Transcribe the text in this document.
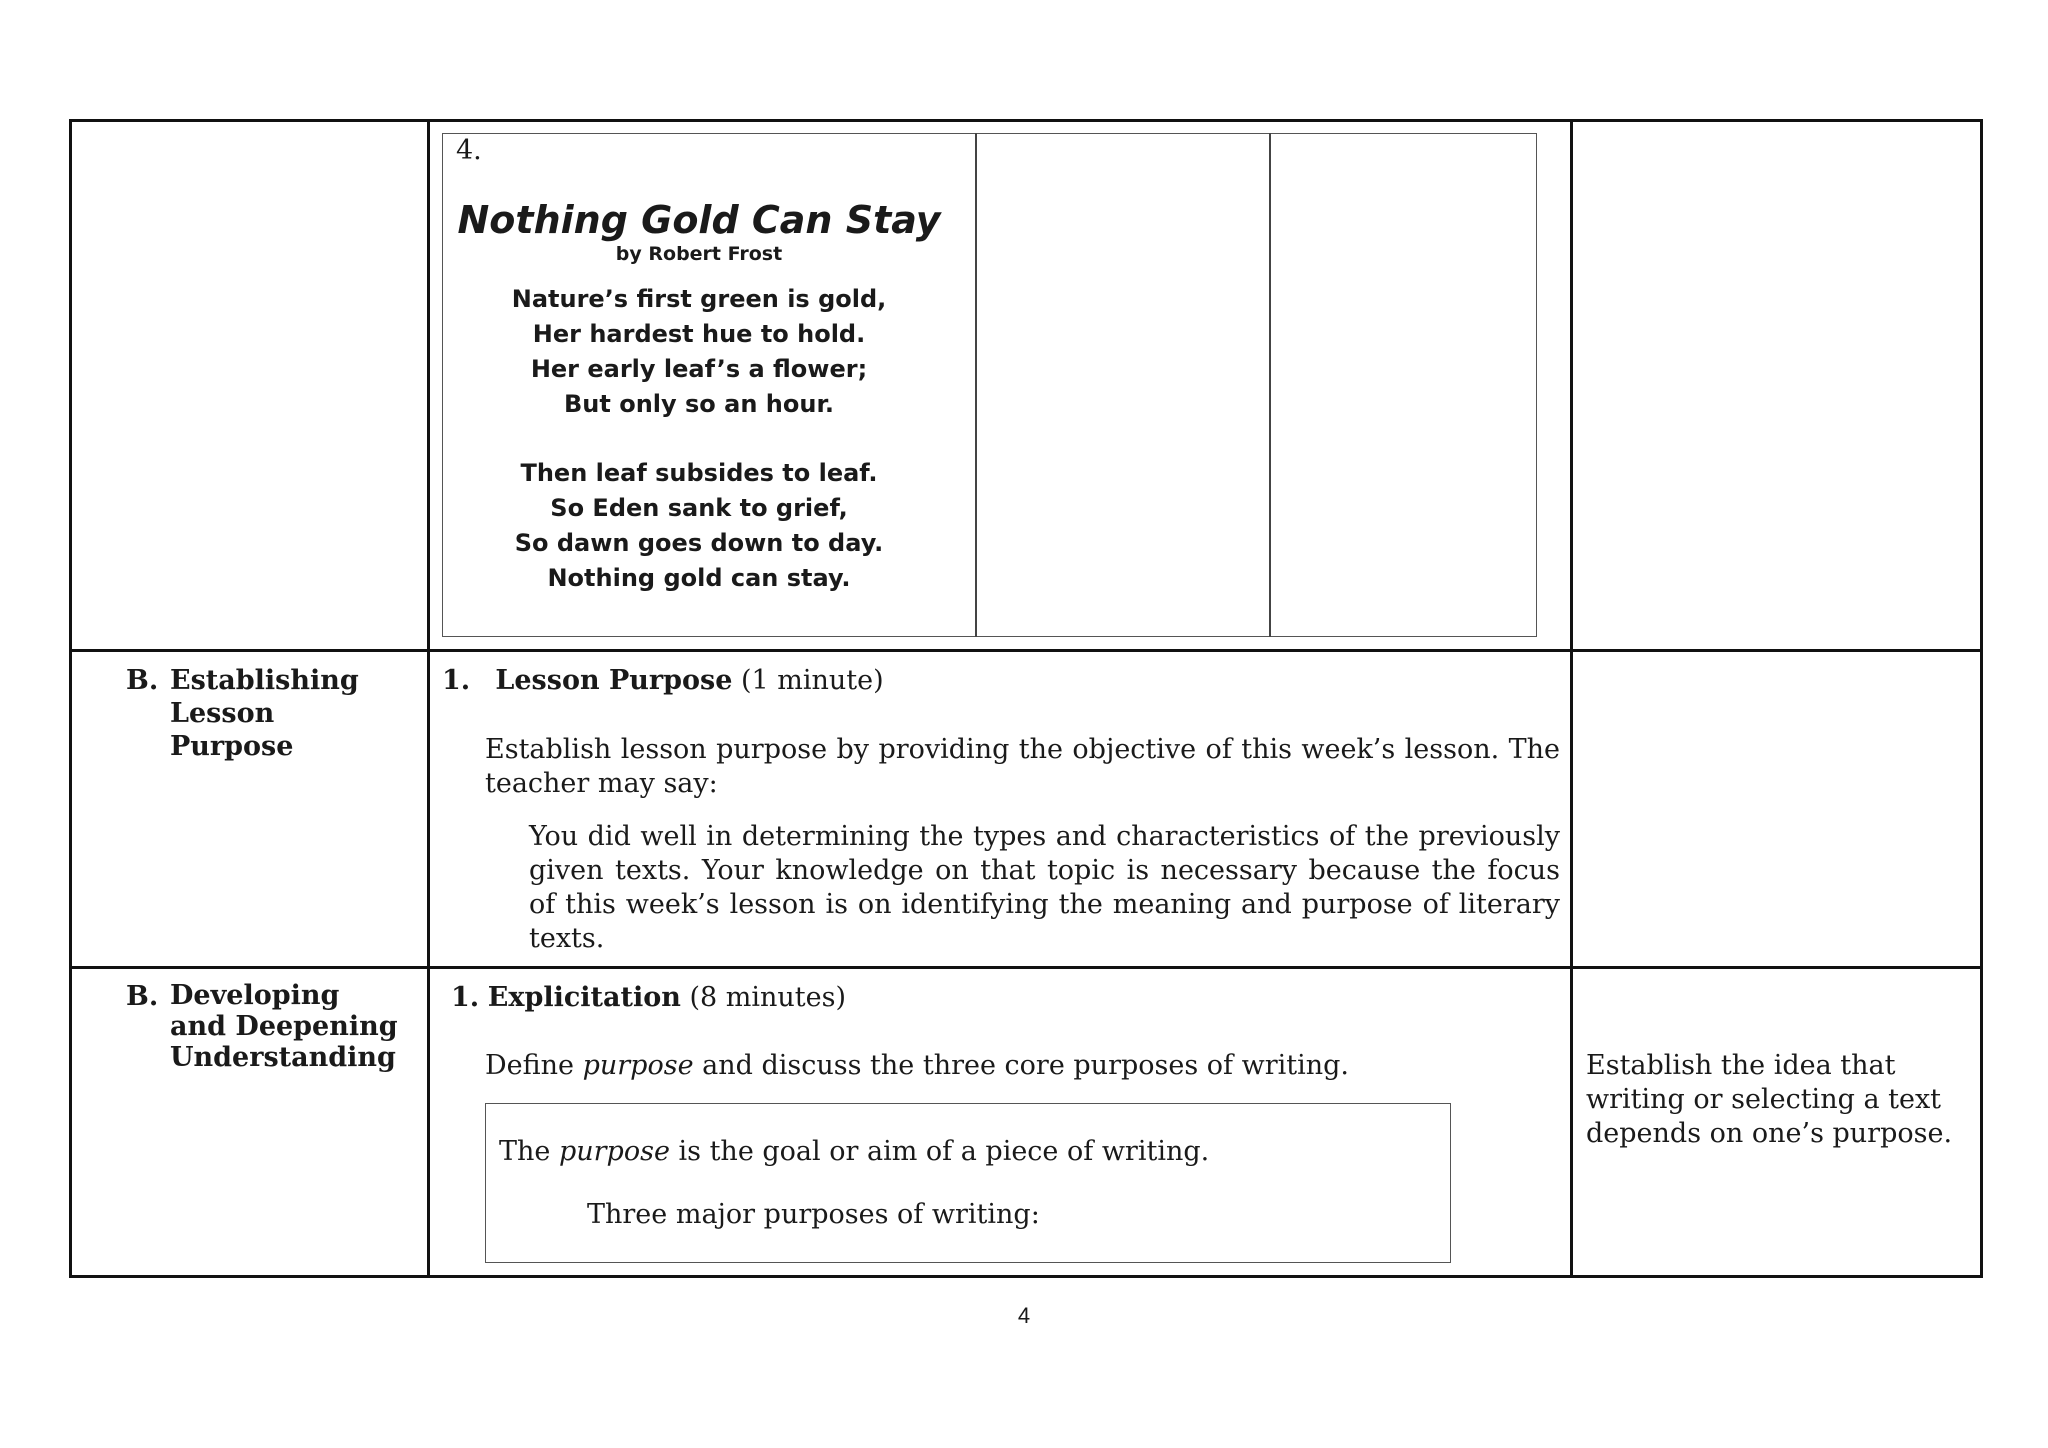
4.
Nothing Gold Can Stay
by Robert Frost
Nature’s first green is gold,
Her hardest hue to hold.
Her early leaf’s a flower;
But only so an hour.
Then leaf subsides to leaf.
So Eden sank to grief,
So dawn goes down to day.
Nothing gold can stay.
B. Establishing Lesson Purpose
1. Lesson Purpose (1 minute)
Establish lesson purpose by providing the objective of this week’s lesson. The teacher may say:
You did well in determining the types and characteristics of the previously given texts. Your knowledge on that topic is necessary because the focus of this week’s lesson is on identifying the meaning and purpose of literary texts.
B. Developing and Deepening Understanding
1. Explicitation (8 minutes)
Define purpose and discuss the three core purposes of writing.
The purpose is the goal or aim of a piece of writing.
Three major purposes of writing:
Establish the idea that writing or selecting a text depends on one’s purpose.
4
